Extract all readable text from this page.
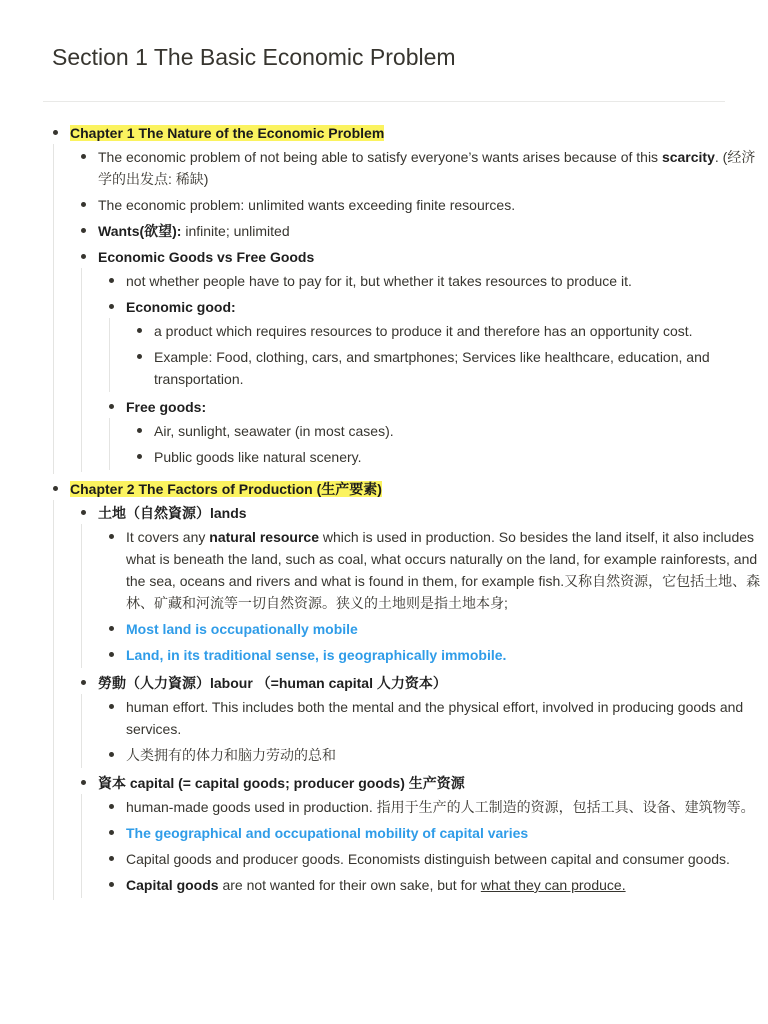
Section 1 The Basic Economic Problem
Chapter 1 The Nature of the Economic Problem
The economic problem of not being able to satisfy everyone’s wants arises because of this scarcity. (经济学的出发点: 稀缺)
The economic problem: unlimited wants exceeding finite resources.
Wants(欲望): infinite; unlimited
Economic Goods vs Free Goods
not whether people have to pay for it, but whether it takes resources to produce it.
Economic good:
a product which requires resources to produce it and therefore has an opportunity cost.
Example: Food, clothing, cars, and smartphones; Services like healthcare, education, and transportation.
Free goods:
Air, sunlight, seawater (in most cases).
Public goods like natural scenery.
Chapter 2 The Factors of Production (生产要素)
土地（自然資源）lands
It covers any natural resource which is used in production. So besides the land itself, it also includes what is beneath the land, such as coal, what occurs naturally on the land, for example rainforests, and the sea, oceans and rivers and what is found in them, for example fish.又称自然资源，它包括土地、森林、矿藏和河流等一切自然资源。狭义的土地则是指土地本身;
Most land is occupationally mobile
Land, in its traditional sense, is geographically immobile.
勞動（人力資源）labour （=human capital 人力资本）
human effort. This includes both the mental and the physical effort, involved in producing goods and services.
人类拥有的体力和脑力劳动的总和
資本 capital (= capital goods; producer goods) 生产资源
human-made goods used in production. 指用于生产的人工制造的资源，包括工具、设备、建筑物等。
The geographical and occupational mobility of capital varies
Capital goods and producer goods. Economists distinguish between capital and consumer goods.
Capital goods are not wanted for their own sake, but for what they can produce.
